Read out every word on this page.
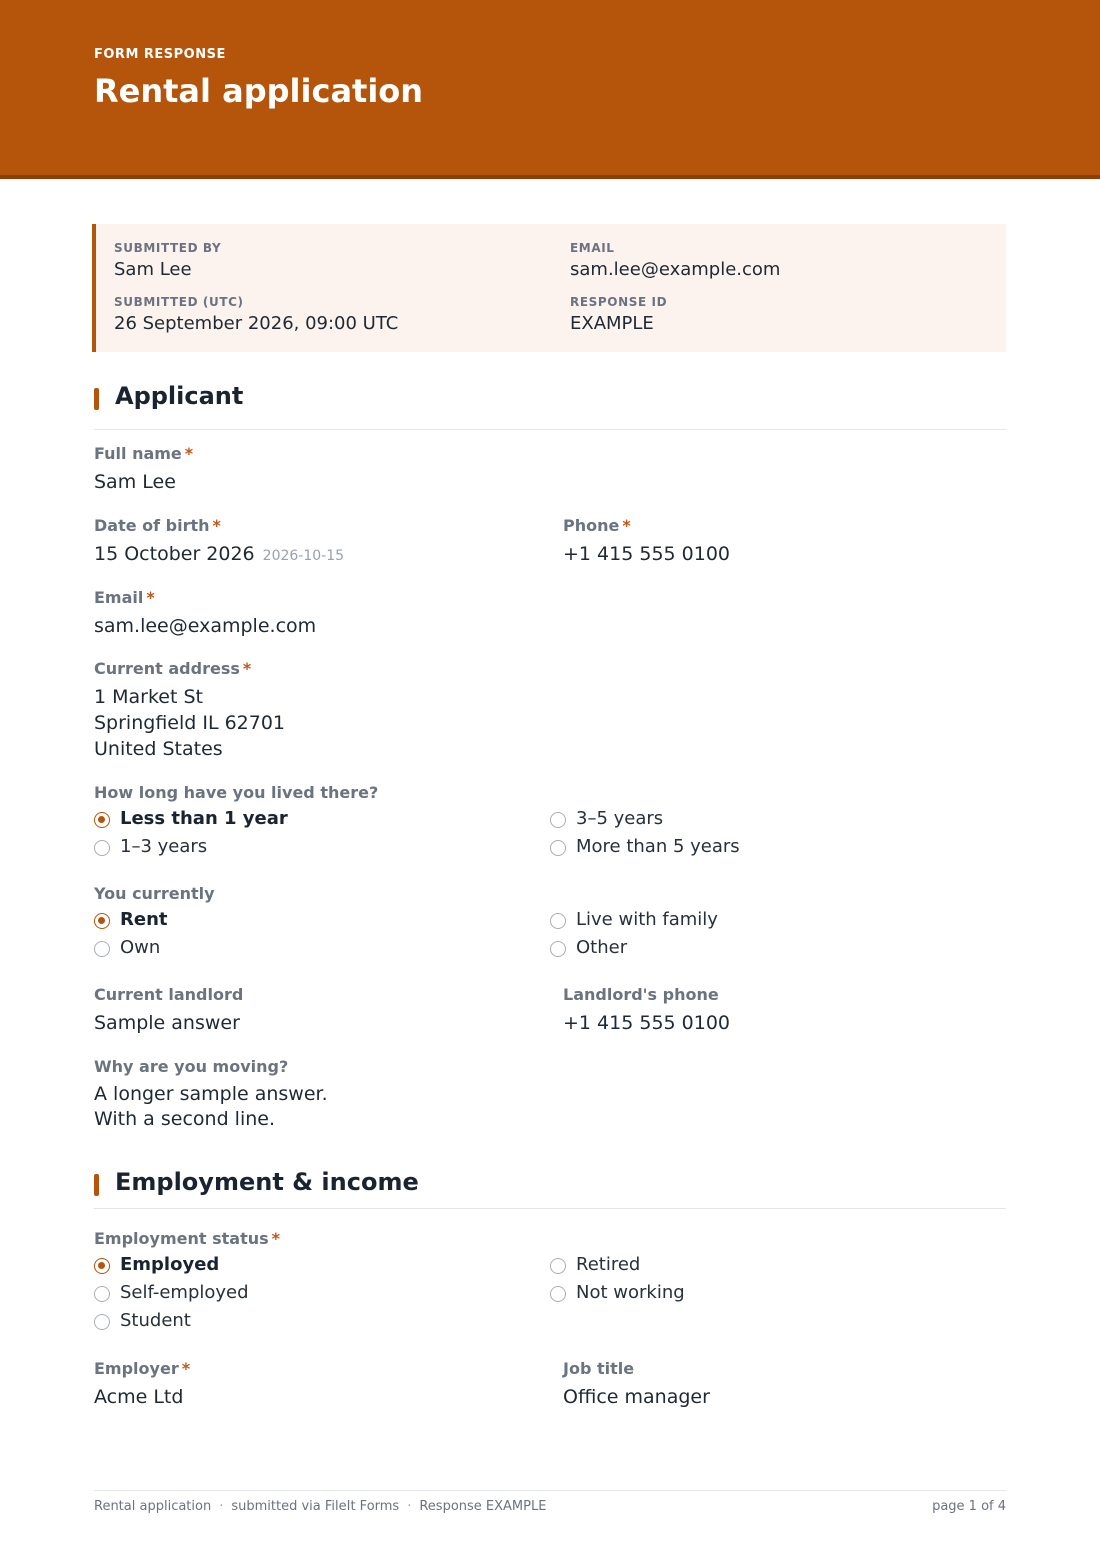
FORM RESPONSE
Rental application
SUBMITTED BY
Sam Lee
EMAIL
sam.lee@example.com
SUBMITTED (UTC)
26 September 2026, 09:00 UTC
RESPONSE ID
EXAMPLE
Applicant
Full name *
Sam Lee
Date of birth *
15 October 2026 2026-10-15
Phone *
+1 415 555 0100
Email *
sam.lee@example.com
Current address *
1 Market St
Springfield IL 62701
United States
How long have you lived there?
Less than 1 year	3–5 years
1–3 years	More than 5 years
You currently
Rent	Live with family
Own	Other
Current landlord
Sample answer
Landlord's phone
+1 415 555 0100
Why are you moving?
A longer sample answer.
With a second line.
Employment & income
Employment status *
Employed	Retired
Self-employed	Not working
Student
Employer *
Acme Ltd
Job title
Office manager
Rental application · submitted via FileIt Forms · Response EXAMPLE	page 1 of 4
